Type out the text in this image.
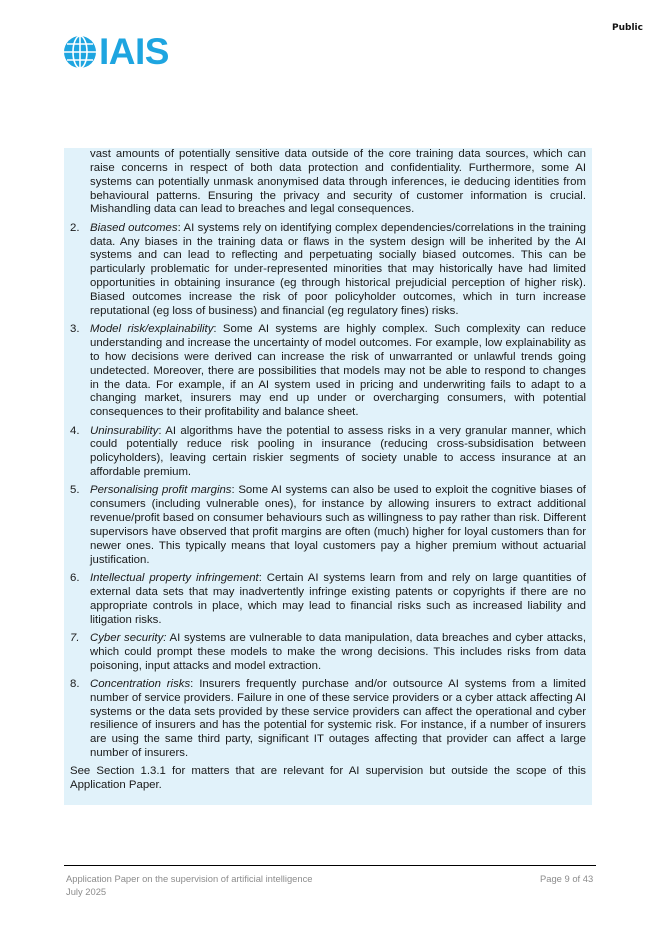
Public
IAIS
vast amounts of potentially sensitive data outside of the core training data sources, which can raise concerns in respect of both data protection and confidentiality. Furthermore, some AI systems can potentially unmask anonymised data through inferences, ie deducing identities from behavioural patterns. Ensuring the privacy and security of customer information is crucial. Mishandling data can lead to breaches and legal consequences.
2. Biased outcomes: AI systems rely on identifying complex dependencies/correlations in the training data. Any biases in the training data or flaws in the system design will be inherited by the AI systems and can lead to reflecting and perpetuating socially biased outcomes. This can be particularly problematic for under-represented minorities that may historically have had limited opportunities in obtaining insurance (eg through historical prejudicial perception of higher risk). Biased outcomes increase the risk of poor policyholder outcomes, which in turn increase reputational (eg loss of business) and financial (eg regulatory fines) risks.
3. Model risk/explainability: Some AI systems are highly complex. Such complexity can reduce understanding and increase the uncertainty of model outcomes. For example, low explainability as to how decisions were derived can increase the risk of unwarranted or unlawful trends going undetected. Moreover, there are possibilities that models may not be able to respond to changes in the data. For example, if an AI system used in pricing and underwriting fails to adapt to a changing market, insurers may end up under or overcharging consumers, with potential consequences to their profitability and balance sheet.
4. Uninsurability: AI algorithms have the potential to assess risks in a very granular manner, which could potentially reduce risk pooling in insurance (reducing cross-subsidisation between policyholders), leaving certain riskier segments of society unable to access insurance at an affordable premium.
5. Personalising profit margins: Some AI systems can also be used to exploit the cognitive biases of consumers (including vulnerable ones), for instance by allowing insurers to extract additional revenue/profit based on consumer behaviours such as willingness to pay rather than risk. Different supervisors have observed that profit margins are often (much) higher for loyal customers than for newer ones. This typically means that loyal customers pay a higher premium without actuarial justification.
6. Intellectual property infringement: Certain AI systems learn from and rely on large quantities of external data sets that may inadvertently infringe existing patents or copyrights if there are no appropriate controls in place, which may lead to financial risks such as increased liability and litigation risks.
7. Cyber security: AI systems are vulnerable to data manipulation, data breaches and cyber attacks, which could prompt these models to make the wrong decisions. This includes risks from data poisoning, input attacks and model extraction.
8. Concentration risks: Insurers frequently purchase and/or outsource AI systems from a limited number of service providers. Failure in one of these service providers or a cyber attack affecting AI systems or the data sets provided by these service providers can affect the operational and cyber resilience of insurers and has the potential for systemic risk. For instance, if a number of insurers are using the same third party, significant IT outages affecting that provider can affect a large number of insurers.
See Section 1.3.1 for matters that are relevant for AI supervision but outside the scope of this Application Paper.
Application Paper on the supervision of artificial intelligence
July 2025
Page 9 of 43
